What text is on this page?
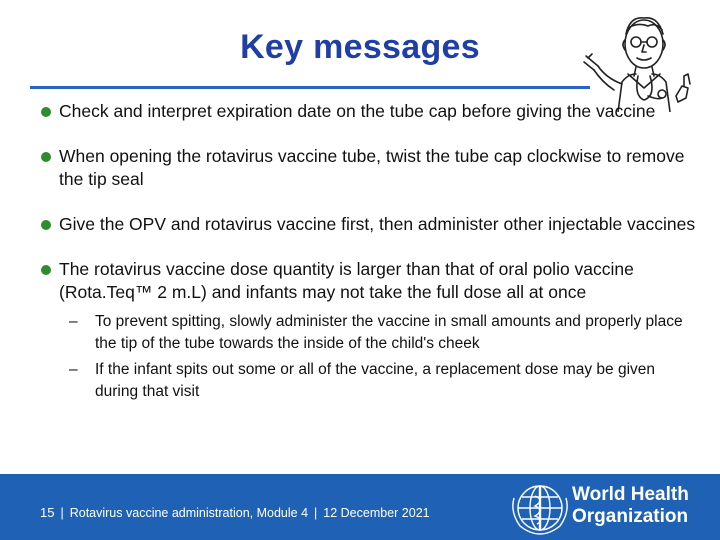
Key messages
Check and interpret expiration date on the tube cap before giving the vaccine
When opening the rotavirus vaccine tube, twist the tube cap clockwise to remove the tip seal
Give the OPV and rotavirus vaccine first, then administer other injectable vaccines
The rotavirus vaccine dose quantity is larger than that of oral polio vaccine (Rota.Teq™ 2 m.L) and infants may not take the full dose all at once
– To prevent spitting, slowly administer the vaccine in small amounts and properly place the tip of the tube towards the inside of the child's cheek
– If the infant spits out some or all of the vaccine, a replacement dose may be given during that visit
15 | Rotavirus vaccine administration, Module 4 | 12 December 2021
World Health
Organization
